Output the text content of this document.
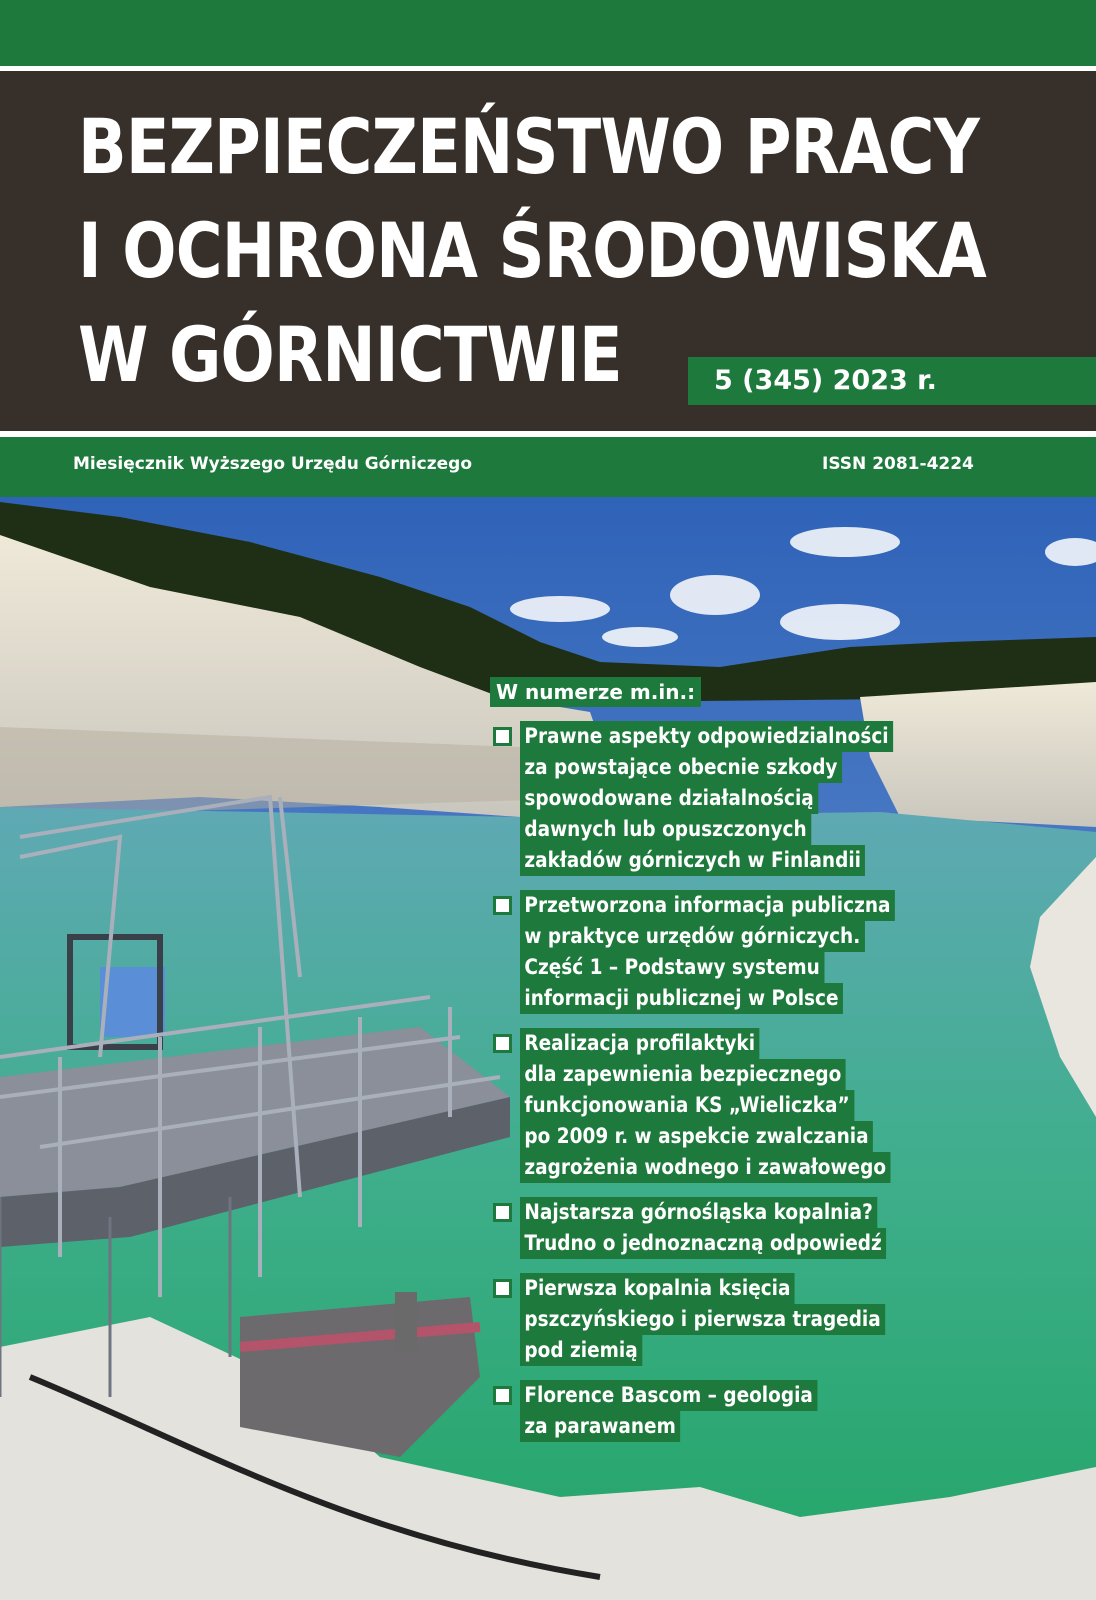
BEZPIECZEŃSTWO PRACY
I OCHRONA ŚRODOWISKA
W GÓRNICTWIE	5 (345) 2023 r.
Miesięcznik Wyższego Urzędu Górniczego	ISSN 2081-4224
W numerze m.in.:
Prawne aspekty odpowiedzialności
za powstające obecnie szkody
spowodowane działalnością
dawnych lub opuszczonych
zakładów górniczych w Finlandii
Przetworzona informacja publiczna
w praktyce urzędów górniczych.
Część 1 – Podstawy systemu
informacji publicznej w Polsce
Realizacja profilaktyki
dla zapewnienia bezpiecznego
funkcjonowania KS „Wieliczka”
po 2009 r. w aspekcie zwalczania
zagrożenia wodnego i zawałowego
Najstarsza górnośląska kopalnia?
Trudno o jednoznaczną odpowiedź
Pierwsza kopalnia księcia
pszczyńskiego i pierwsza tragedia
pod ziemią
Florence Bascom – geologia
za parawanem
